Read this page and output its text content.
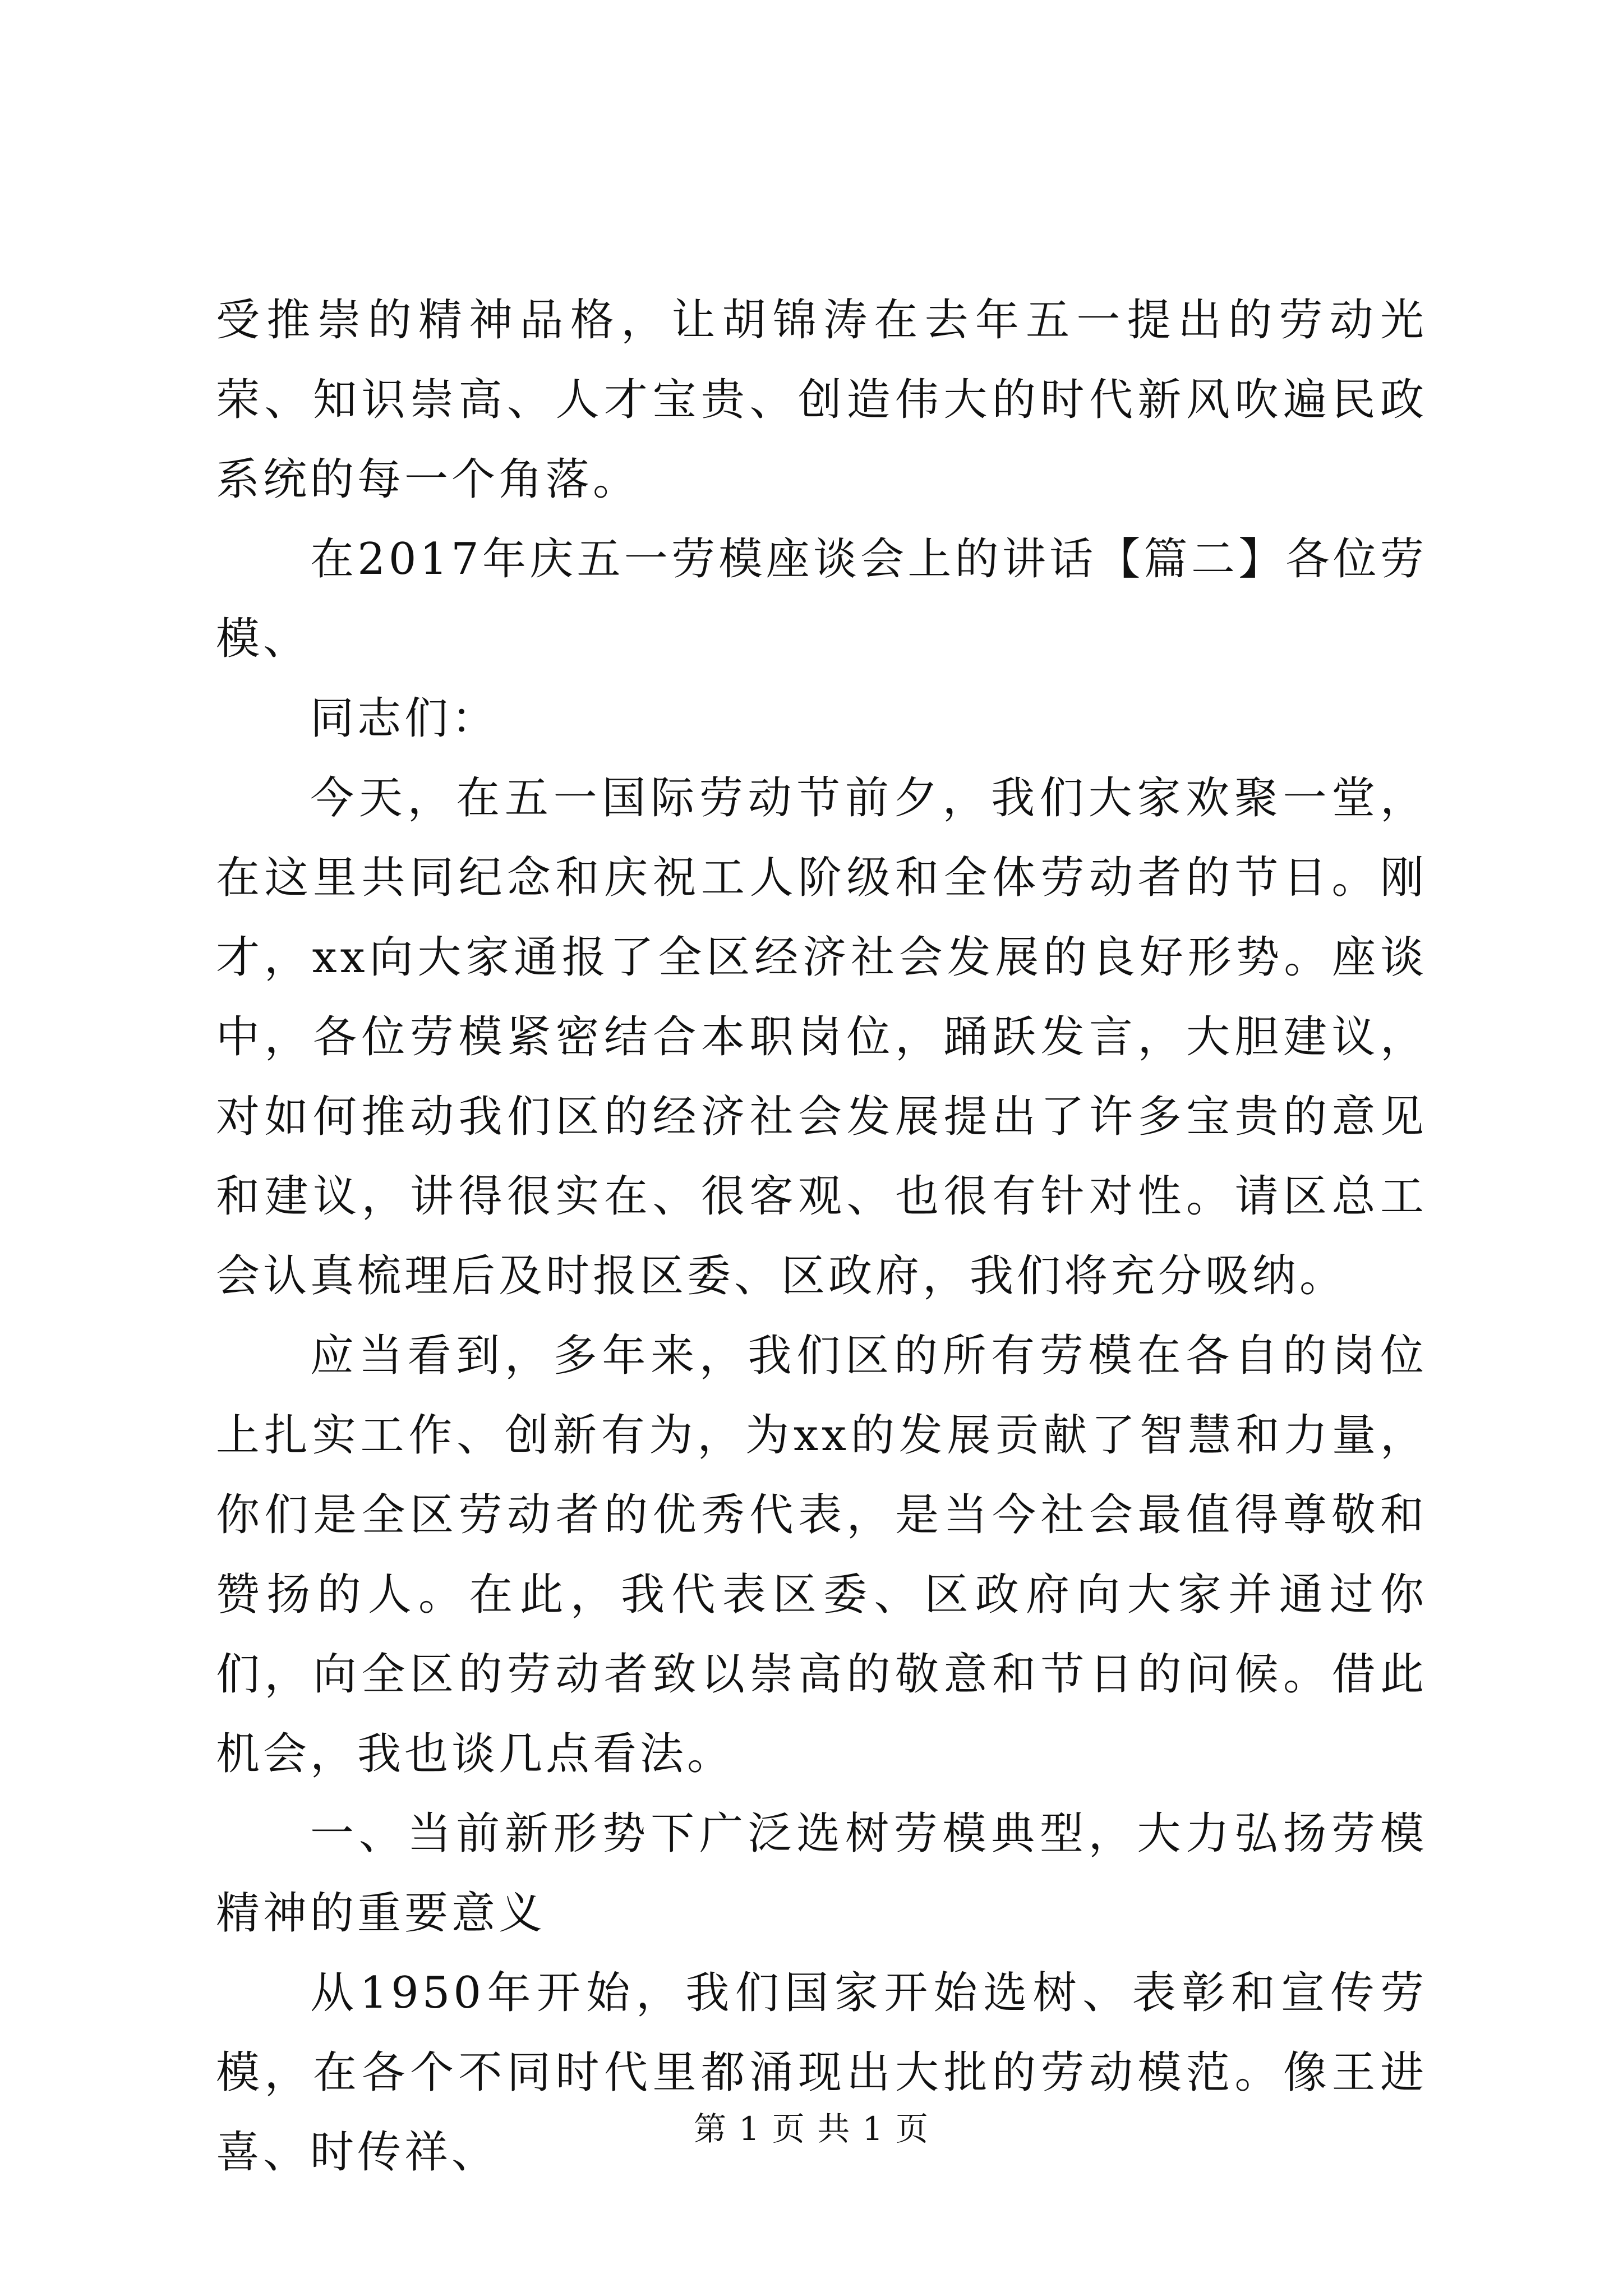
受推崇的精神品格，让胡锦涛在去年五一提出的劳动光荣、知识崇高、人才宝贵、创造伟大的时代新风吹遍民政系统的每一个角落。

在2017年庆五一劳模座谈会上的讲话【篇二】各位劳模、

同志们：

今天，在五一国际劳动节前夕，我们大家欢聚一堂，在这里共同纪念和庆祝工人阶级和全体劳动者的节日。刚才，xx向大家通报了全区经济社会发展的良好形势。座谈中，各位劳模紧密结合本职岗位，踊跃发言，大胆建议，对如何推动我们区的经济社会发展提出了许多宝贵的意见和建议，讲得很实在、很客观、也很有针对性。请区总工会认真梳理后及时报区委、区政府，我们将充分吸纳。

应当看到，多年来，我们区的所有劳模在各自的岗位上扎实工作、创新有为，为xx的发展贡献了智慧和力量，你们是全区劳动者的优秀代表，是当今社会最值得尊敬和赞扬的人。在此，我代表区委、区政府向大家并通过你们，向全区的劳动者致以崇高的敬意和节日的问候。借此机会，我也谈几点看法。

一、当前新形势下广泛选树劳模典型，大力弘扬劳模精神的重要意义

从1950年开始，我们国家开始选树、表彰和宣传劳模，在各个不同时代里都涌现出大批的劳动模范。像王进喜、时传祥、	第 1 页 共 1 页
